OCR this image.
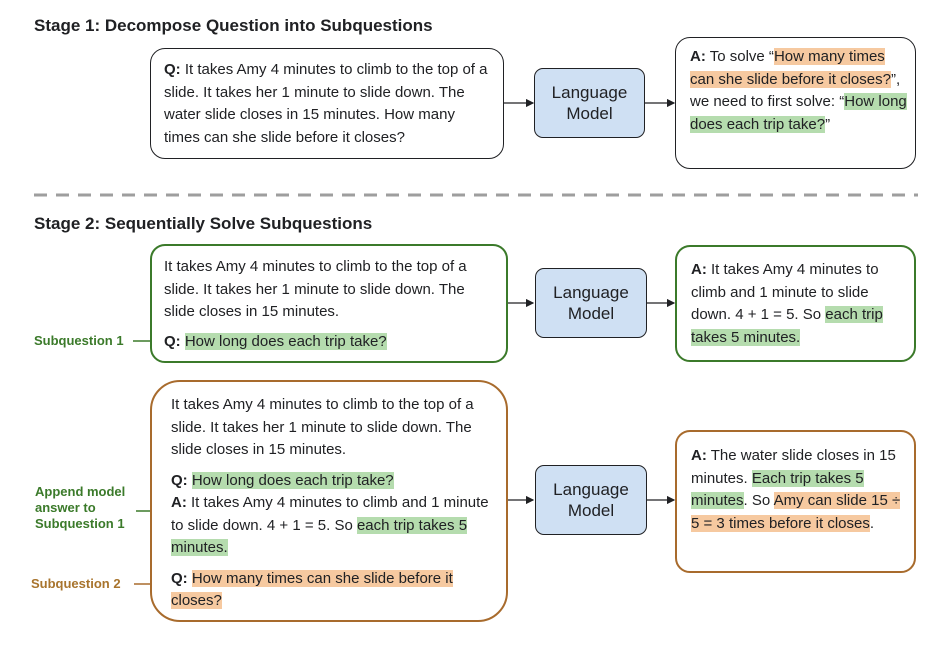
Stage 1: Decompose Question into Subquestions
Q: It takes Amy 4 minutes to climb to the top of a slide. It takes her 1 minute to slide down. The water slide closes in 15 minutes. How many times can she slide before it closes?
Language Model
A: To solve “How many times can she slide before it closes?”, we need to first solve: “How long does each trip take?”
Stage 2: Sequentially Solve Subquestions
It takes Amy 4 minutes to climb to the top of a slide. It takes her 1 minute to slide down. The slide closes in 15 minutes.
Q: How long does each trip take?
Subquestion 1
Language Model
A: It takes Amy 4 minutes to climb and 1 minute to slide down. 4 + 1 = 5. So each trip takes 5 minutes.
It takes Amy 4 minutes to climb to the top of a slide. It takes her 1 minute to slide down. The slide closes in 15 minutes.
Q: How long does each trip take?
A: It takes Amy 4 minutes to climb and 1 minute to slide down. 4 + 1 = 5. So each trip takes 5 minutes.
Q: How many times can she slide before it closes?
Append model answer to Subquestion 1
Subquestion 2
Language Model
A: The water slide closes in 15 minutes. Each trip takes 5 minutes. So Amy can slide 15 ÷ 5 = 3 times before it closes.
